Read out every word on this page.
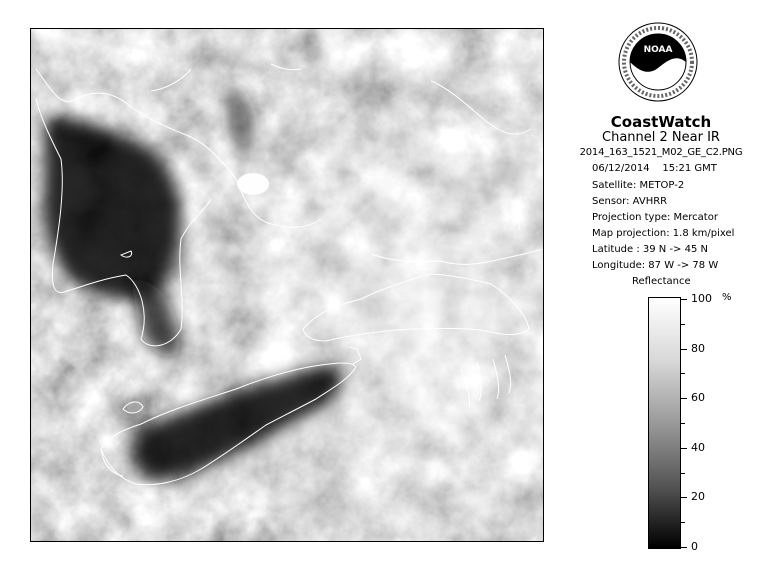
NOAA
CoastWatch
Channel 2 Near IR
2014_163_1521_M02_GE_C2.PNG
06/12/2014 15:21 GMT
Satellite: METOP-2
Sensor: AVHRR
Projection type: Mercator
Map projection: 1.8 km/pixel
Latitude : 39 N -> 45 N
Longitude: 87 W -> 78 W
Reflectance
%
100
80
60
40
20
0
